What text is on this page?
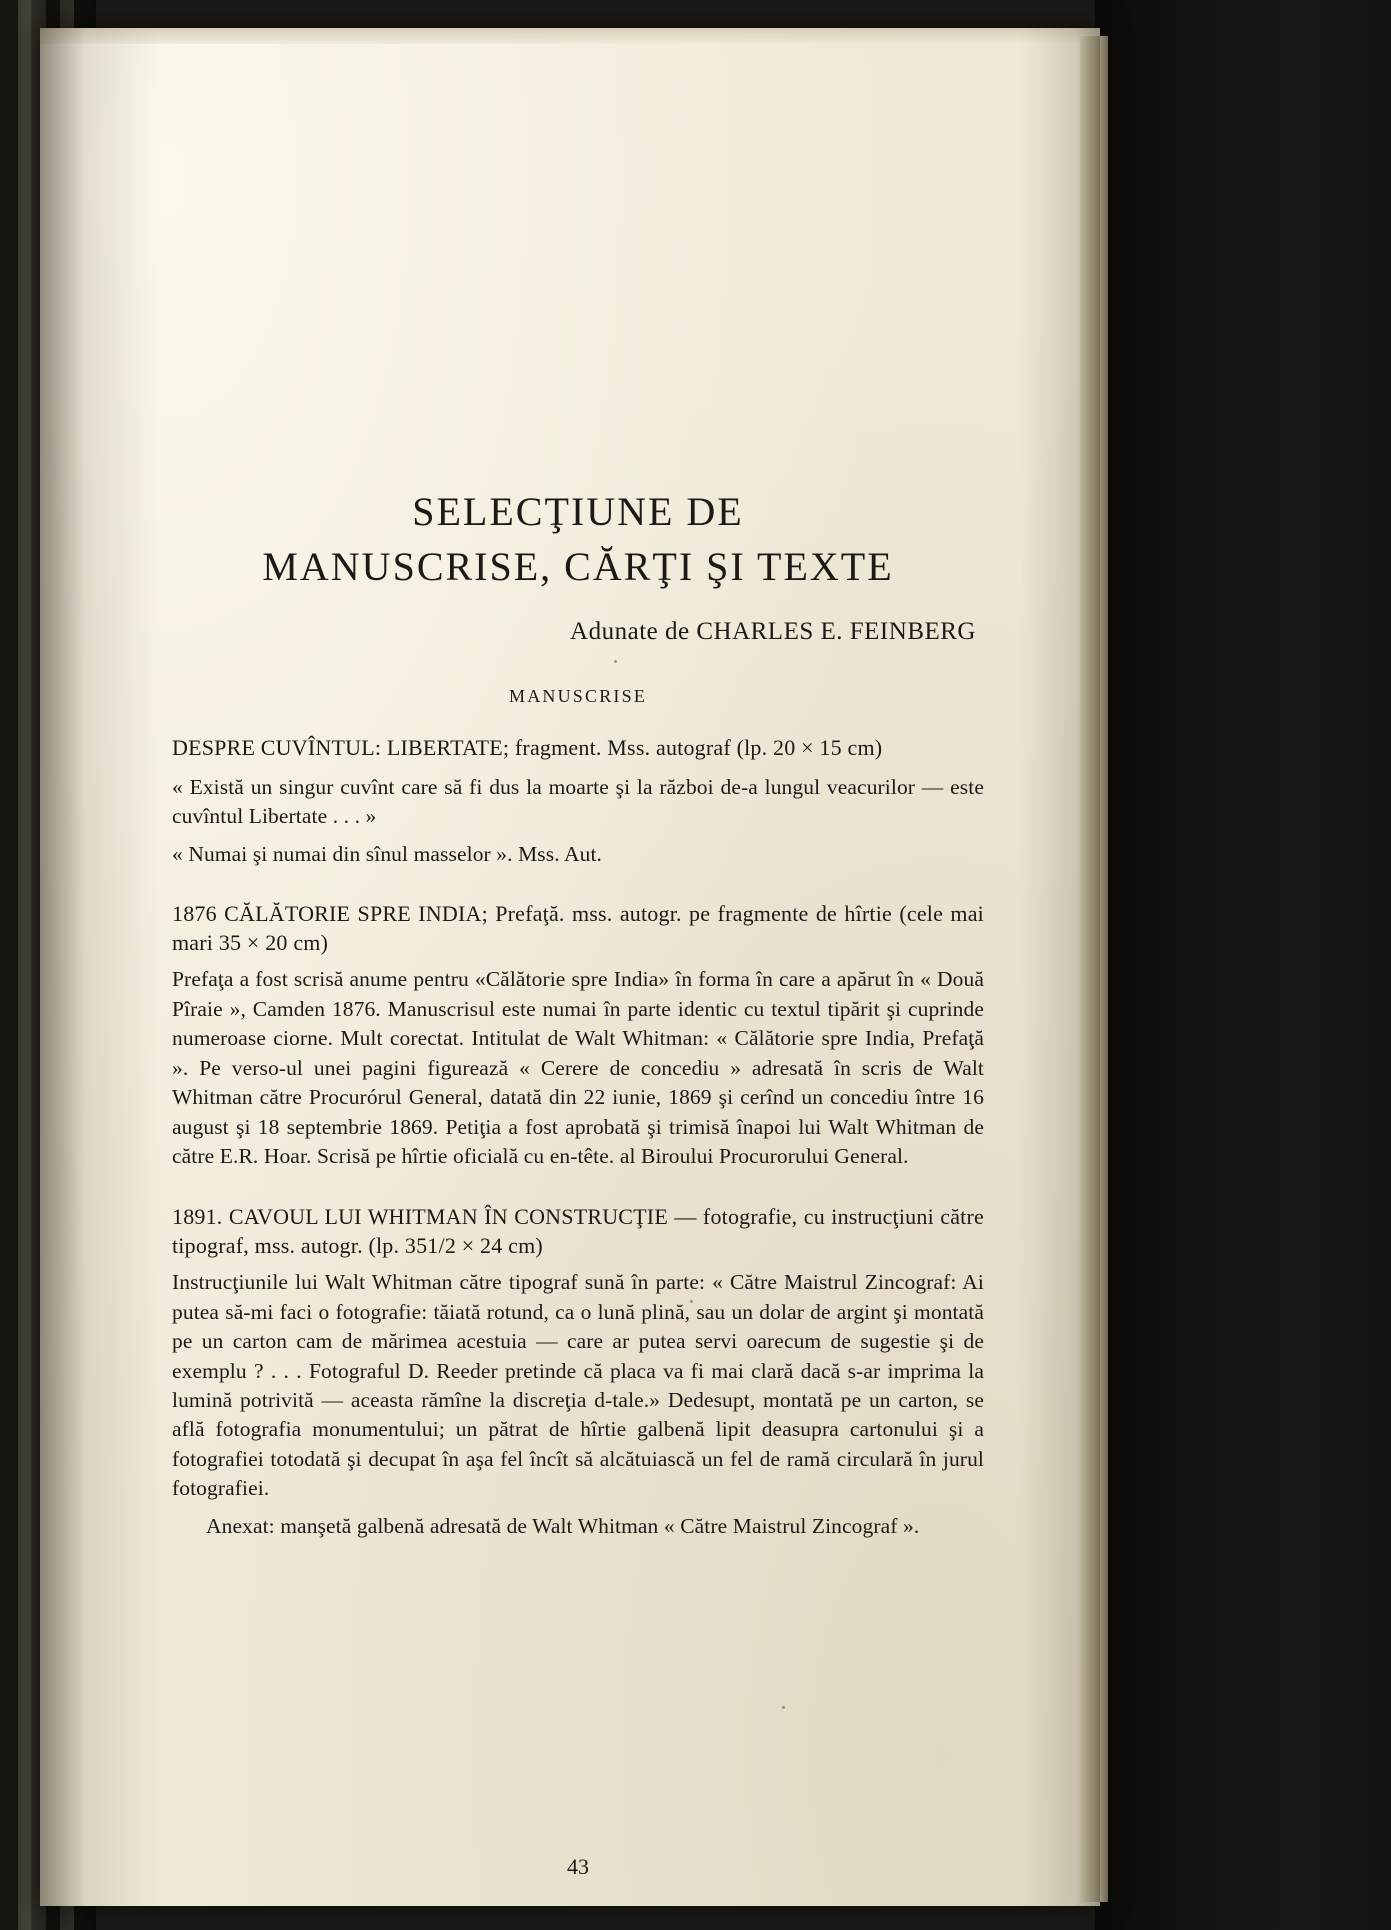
SELECŢIUNE DE
MANUSCRISE, CĂRŢI ŞI TEXTE
Adunate de CHARLES E. FEINBERG
MANUSCRISE
DESPRE CUVÎNTUL: LIBERTATE; fragment. Mss. autograf (lp. 20 × 15 cm)
« Există un singur cuvînt care să fi dus la moarte şi la război de-a lungul veacurilor — este cuvîntul Libertate . . . »
« Numai şi numai din sînul masselor ». Mss. Aut.
1876 CĂLĂTORIE SPRE INDIA; Prefaţă. mss. autogr. pe fragmente de hîrtie (cele mai mari 35 × 20 cm)
Prefaţa a fost scrisă anume pentru «Călătorie spre India» în forma în care a apărut în « Două Pîraie », Camden 1876. Manuscrisul este numai în parte identic cu textul tipărit şi cuprinde numeroase ciorne. Mult corectat. Intitulat de Walt Whitman: « Călătorie spre India, Prefaţă ». Pe verso-ul unei pagini figurează « Cerere de concediu » adresată în scris de Walt Whitman către Procurórul General, datată din 22 iunie, 1869 şi cerînd un concediu între 16 august şi 18 septembrie 1869. Petiţia a fost aprobată şi trimisă înapoi lui Walt Whitman de către E.R. Hoar. Scrisă pe hîrtie oficială cu en-tête. al Biroului Procurorului General.
1891. CAVOUL LUI WHITMAN ÎN CONSTRUCŢIE — fotografie, cu instrucţiuni către tipograf, mss. autogr. (lp. 351/2 × 24 cm)
Instrucţiunile lui Walt Whitman către tipograf sună în parte: « Către Maistrul Zincograf: Ai putea să-mi faci o fotografie: tăiată rotund, ca o lună plină, sau un dolar de argint şi montată pe un carton cam de mărimea acestuia — care ar putea servi oarecum de sugestie şi de exemplu ? . . . Fotograful D. Reeder pretinde că placa va fi mai clară dacă s-ar imprima la lumină potrivită — aceasta rămîne la discreţia d-tale.» Dedesupt, montată pe un carton, se află fotografia monumentului; un pătrat de hîrtie galbenă lipit deasupra cartonului şi a fotografiei totodată şi decupat în aşa fel încît să alcătuiască un fel de ramă circulară în jurul fotografiei.
Anexat: manşetă galbenă adresată de Walt Whitman « Către Maistrul Zincograf ».
43
